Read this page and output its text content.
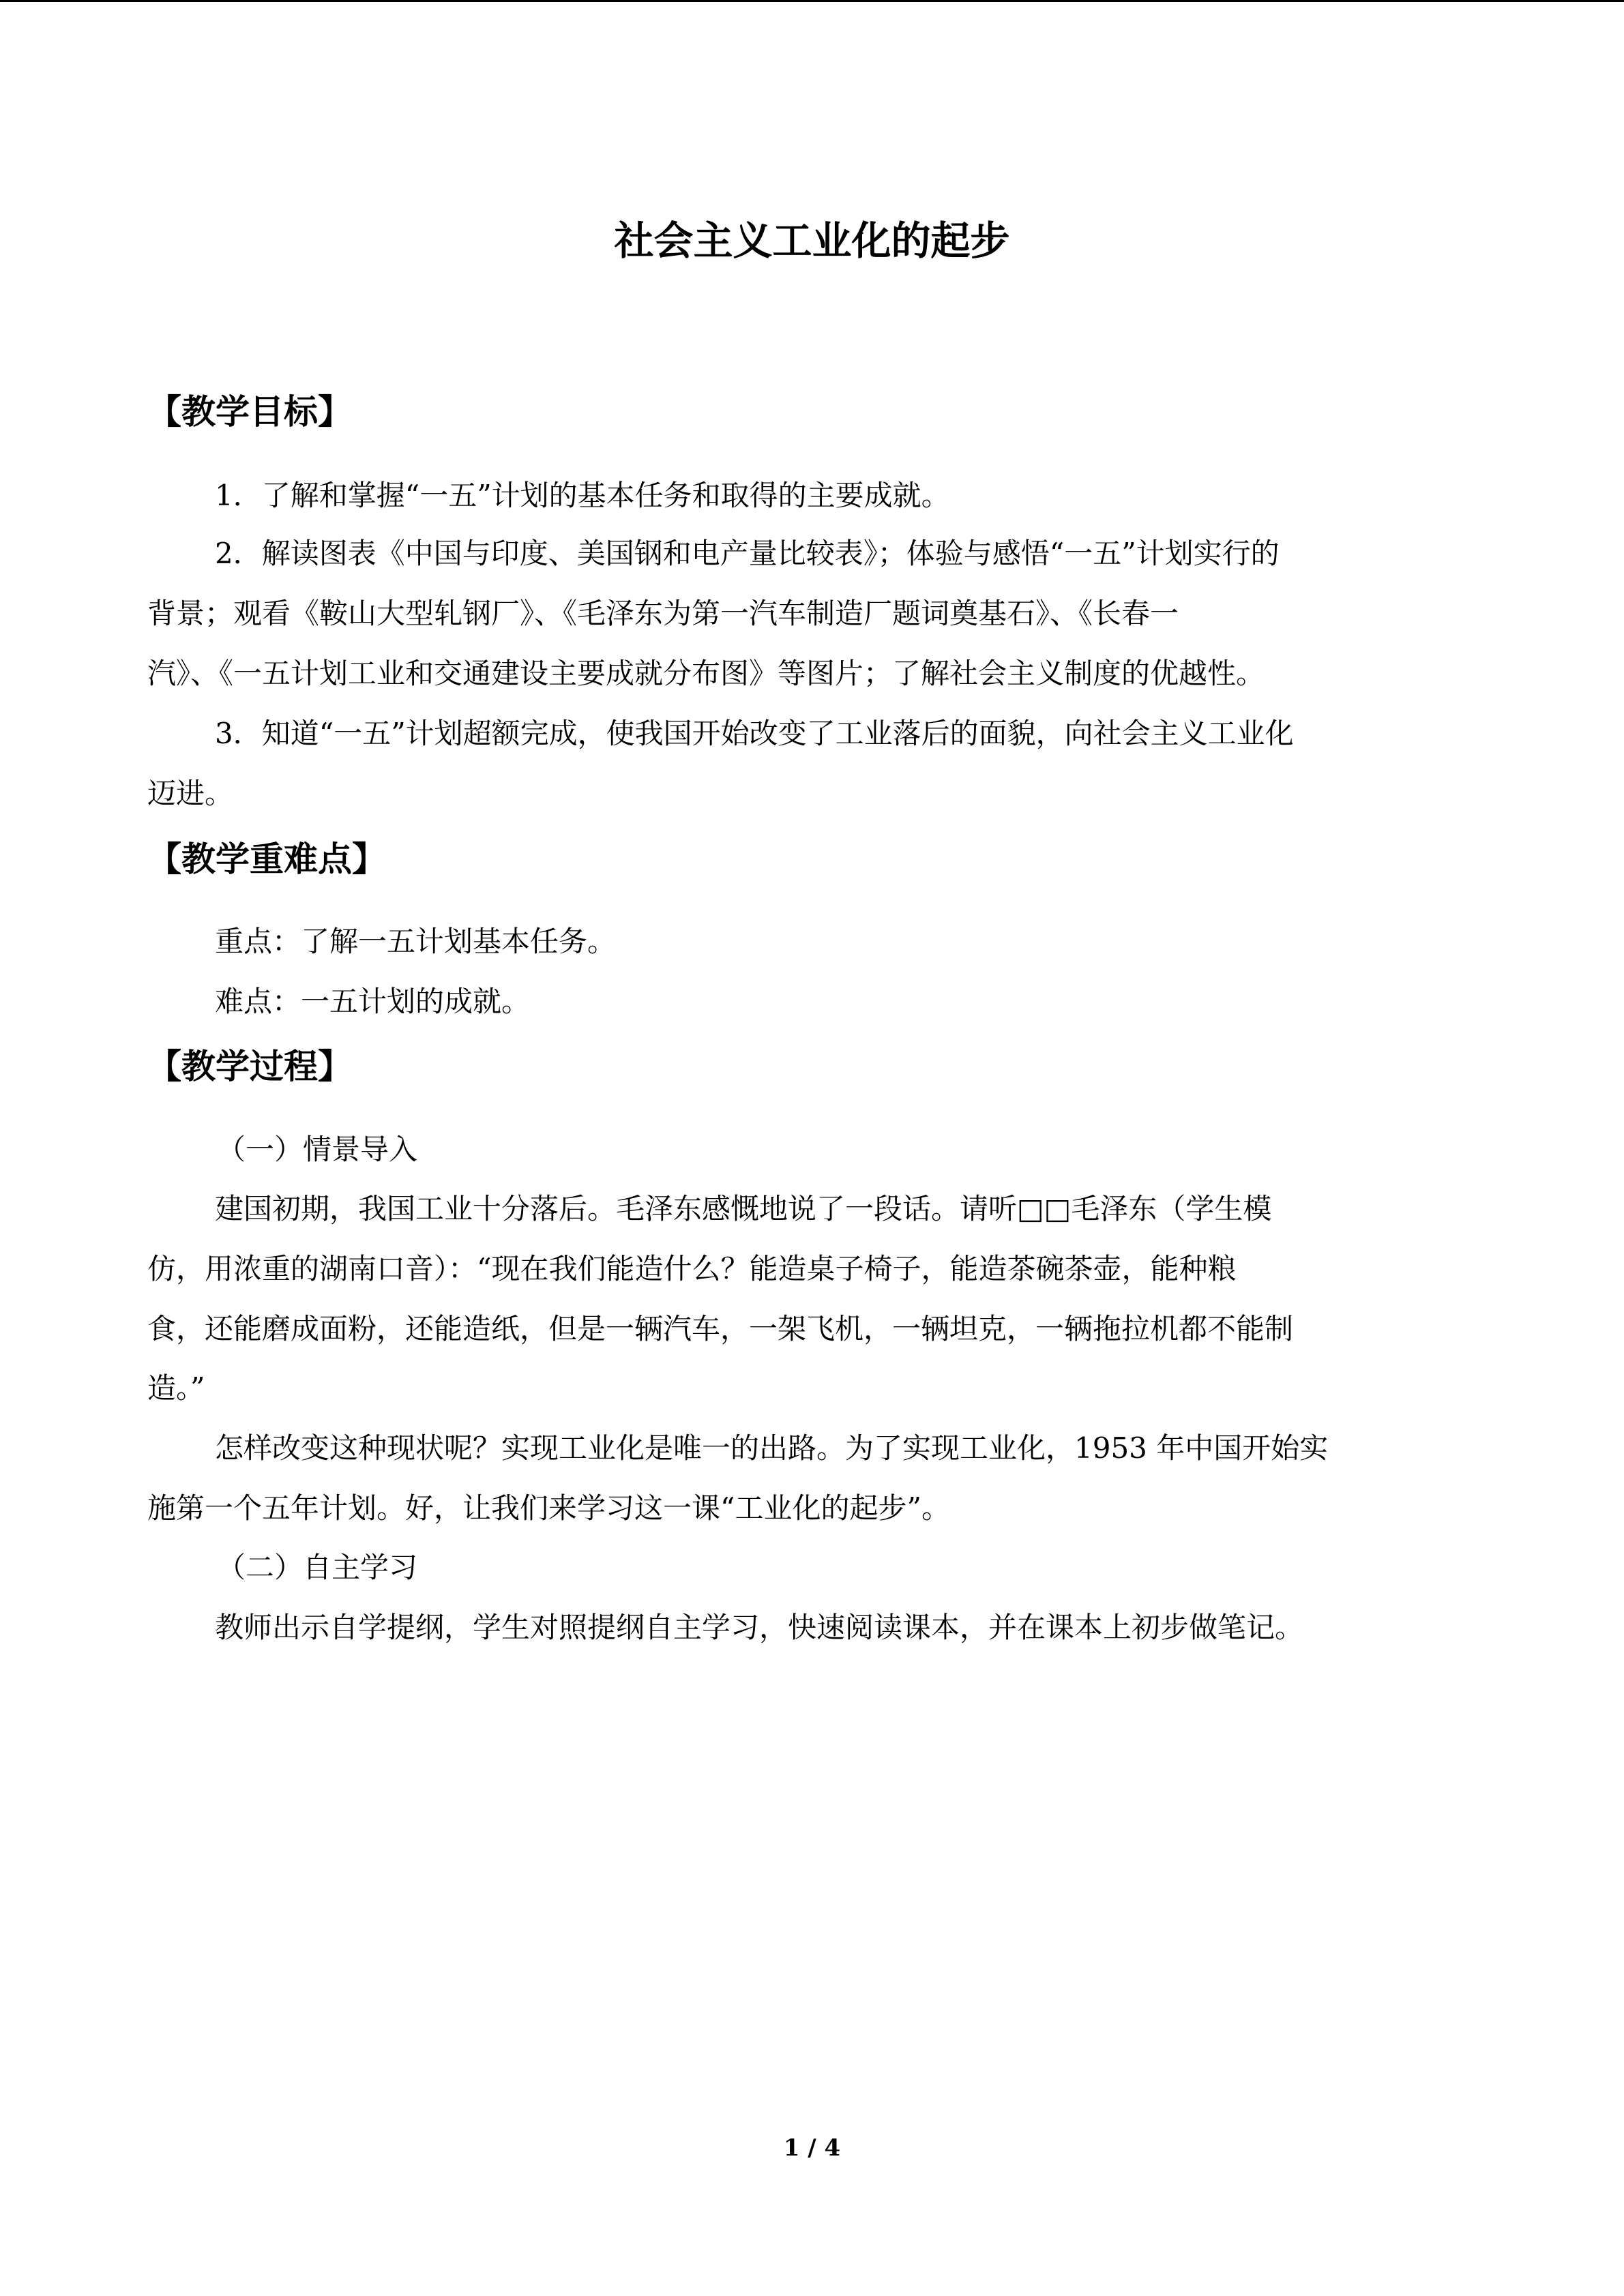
社会主义工业化的起步
【教学目标】
1．了解和掌握“一五”计划的基本任务和取得的主要成就。
2．解读图表《中国与印度、美国钢和电产量比较表》；体验与感悟“一五”计划实行的
背景；观看《鞍山大型轧钢厂》、《毛泽东为第一汽车制造厂题词奠基石》、《长春一
汽》、《一五计划工业和交通建设主要成就分布图》等图片；了解社会主义制度的优越性。
3．知道“一五”计划超额完成，使我国开始改变了工业落后的面貌，向社会主义工业化
迈进。
【教学重难点】
重点：了解一五计划基本任务。
难点：一五计划的成就。
【教学过程】
（一）情景导入
建国初期，我国工业十分落后。毛泽东感慨地说了一段话。请听□□毛泽东（学生模
仿，用浓重的湖南口音）：“现在我们能造什么？能造桌子椅子，能造茶碗茶壶，能种粮
食，还能磨成面粉，还能造纸，但是一辆汽车，一架飞机，一辆坦克，一辆拖拉机都不能制
造。”
怎样改变这种现状呢？实现工业化是唯一的出路。为了实现工业化，1953 年中国开始实
施第一个五年计划。好，让我们来学习这一课“工业化的起步”。
（二）自主学习
教师出示自学提纲，学生对照提纲自主学习，快速阅读课本，并在课本上初步做笔记。
1 / 4
